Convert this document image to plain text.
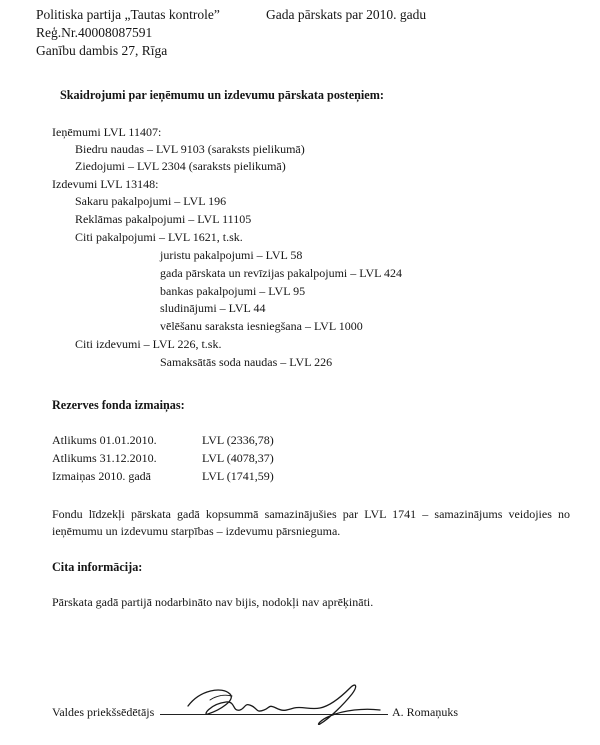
Politiska partija „Tautas kontrole”
Reģ.Nr.40008087591
Ganību dambis 27, Rīga
Gada pārskats par 2010. gadu
Skaidrojumi par ieņēmumu un izdevumu pārskata posteņiem:
Ieņēmumi LVL 11407:
Biedru naudas – LVL 9103 (saraksts pielikumā)
Ziedojumi – LVL 2304 (saraksts pielikumā)
Izdevumi LVL 13148:
Sakaru pakalpojumi – LVL 196
Reklāmas pakalpojumi – LVL 11105
Citi pakalpojumi – LVL 1621, t.sk.
juristu pakalpojumi – LVL 58
gada pārskata un revīzijas pakalpojumi – LVL 424
bankas pakalpojumi – LVL 95
sludinājumi – LVL 44
vēlēšanu saraksta iesniegšana – LVL 1000
Citi izdevumi – LVL 226, t.sk.
Samaksātās soda naudas – LVL 226
Rezerves fonda izmaiņas:
Atlikums 01.01.2010.	LVL (2336,78)
Atlikums 31.12.2010.	LVL (4078,37)
Izmaiņas 2010. gadā	LVL (1741,59)
Fondu līdzekļi pārskata gadā kopsummā samazinājušies par LVL 1741 – samazinājums veidojies no ieņēmumu un izdevumu starpības – izdevumu pārsnieguma.
Cita informācija:
Pārskata gadā partijā nodarbināto nav bijis, nodokļi nav aprēķināti.
Valdes priekšsēdētājs	A. Romaņuks
